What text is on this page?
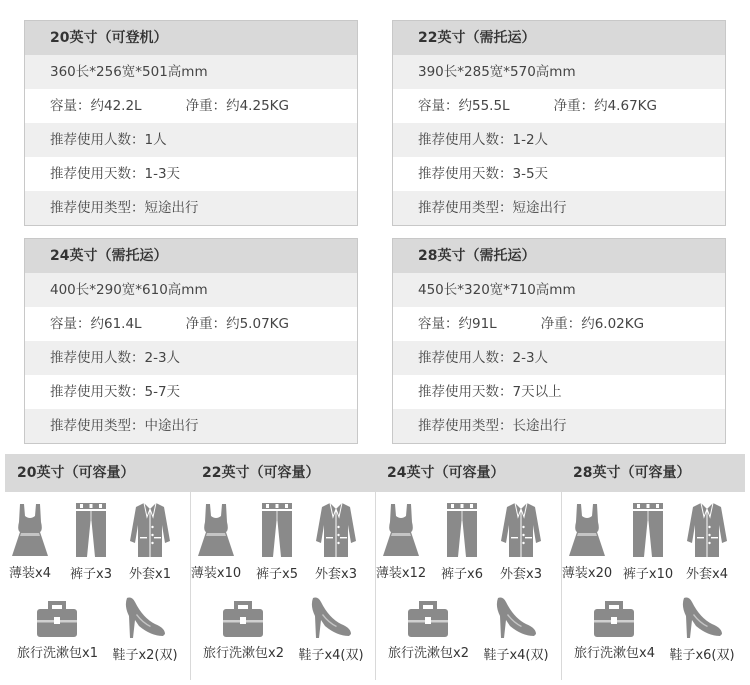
20英寸（可登机）
360长*256宽*501高mm
容量：约42.2L	净重：约4.25KG
推荐使用人数：1人
推荐使用天数：1-3天
推荐使用类型：短途出行
22英寸（需托运）
390长*285宽*570高mm
容量：约55.5L	净重：约4.67KG
推荐使用人数：1-2人
推荐使用天数：3-5天
推荐使用类型：短途出行
24英寸（需托运）
400长*290宽*610高mm
容量：约61.4L	净重：约5.07KG
推荐使用人数：2-3人
推荐使用天数：5-7天
推荐使用类型：中途出行
28英寸（需托运）
450长*320宽*710高mm
容量：约91L	净重：约6.02KG
推荐使用人数：2-3人
推荐使用天数：7天以上
推荐使用类型：长途出行
20英寸（可容量）
薄装x4	裤子x3	外套x1
旅行洗漱包x1	鞋子x2(双)
22英寸（可容量）
薄装x10	裤子x5	外套x3
旅行洗漱包x2	鞋子x4(双)
24英寸（可容量）
薄装x12	裤子x6	外套x3
旅行洗漱包x2	鞋子x4(双)
28英寸（可容量）
薄装x20 裤子x10 外套x4
旅行洗漱包x4	鞋子x6(双)
